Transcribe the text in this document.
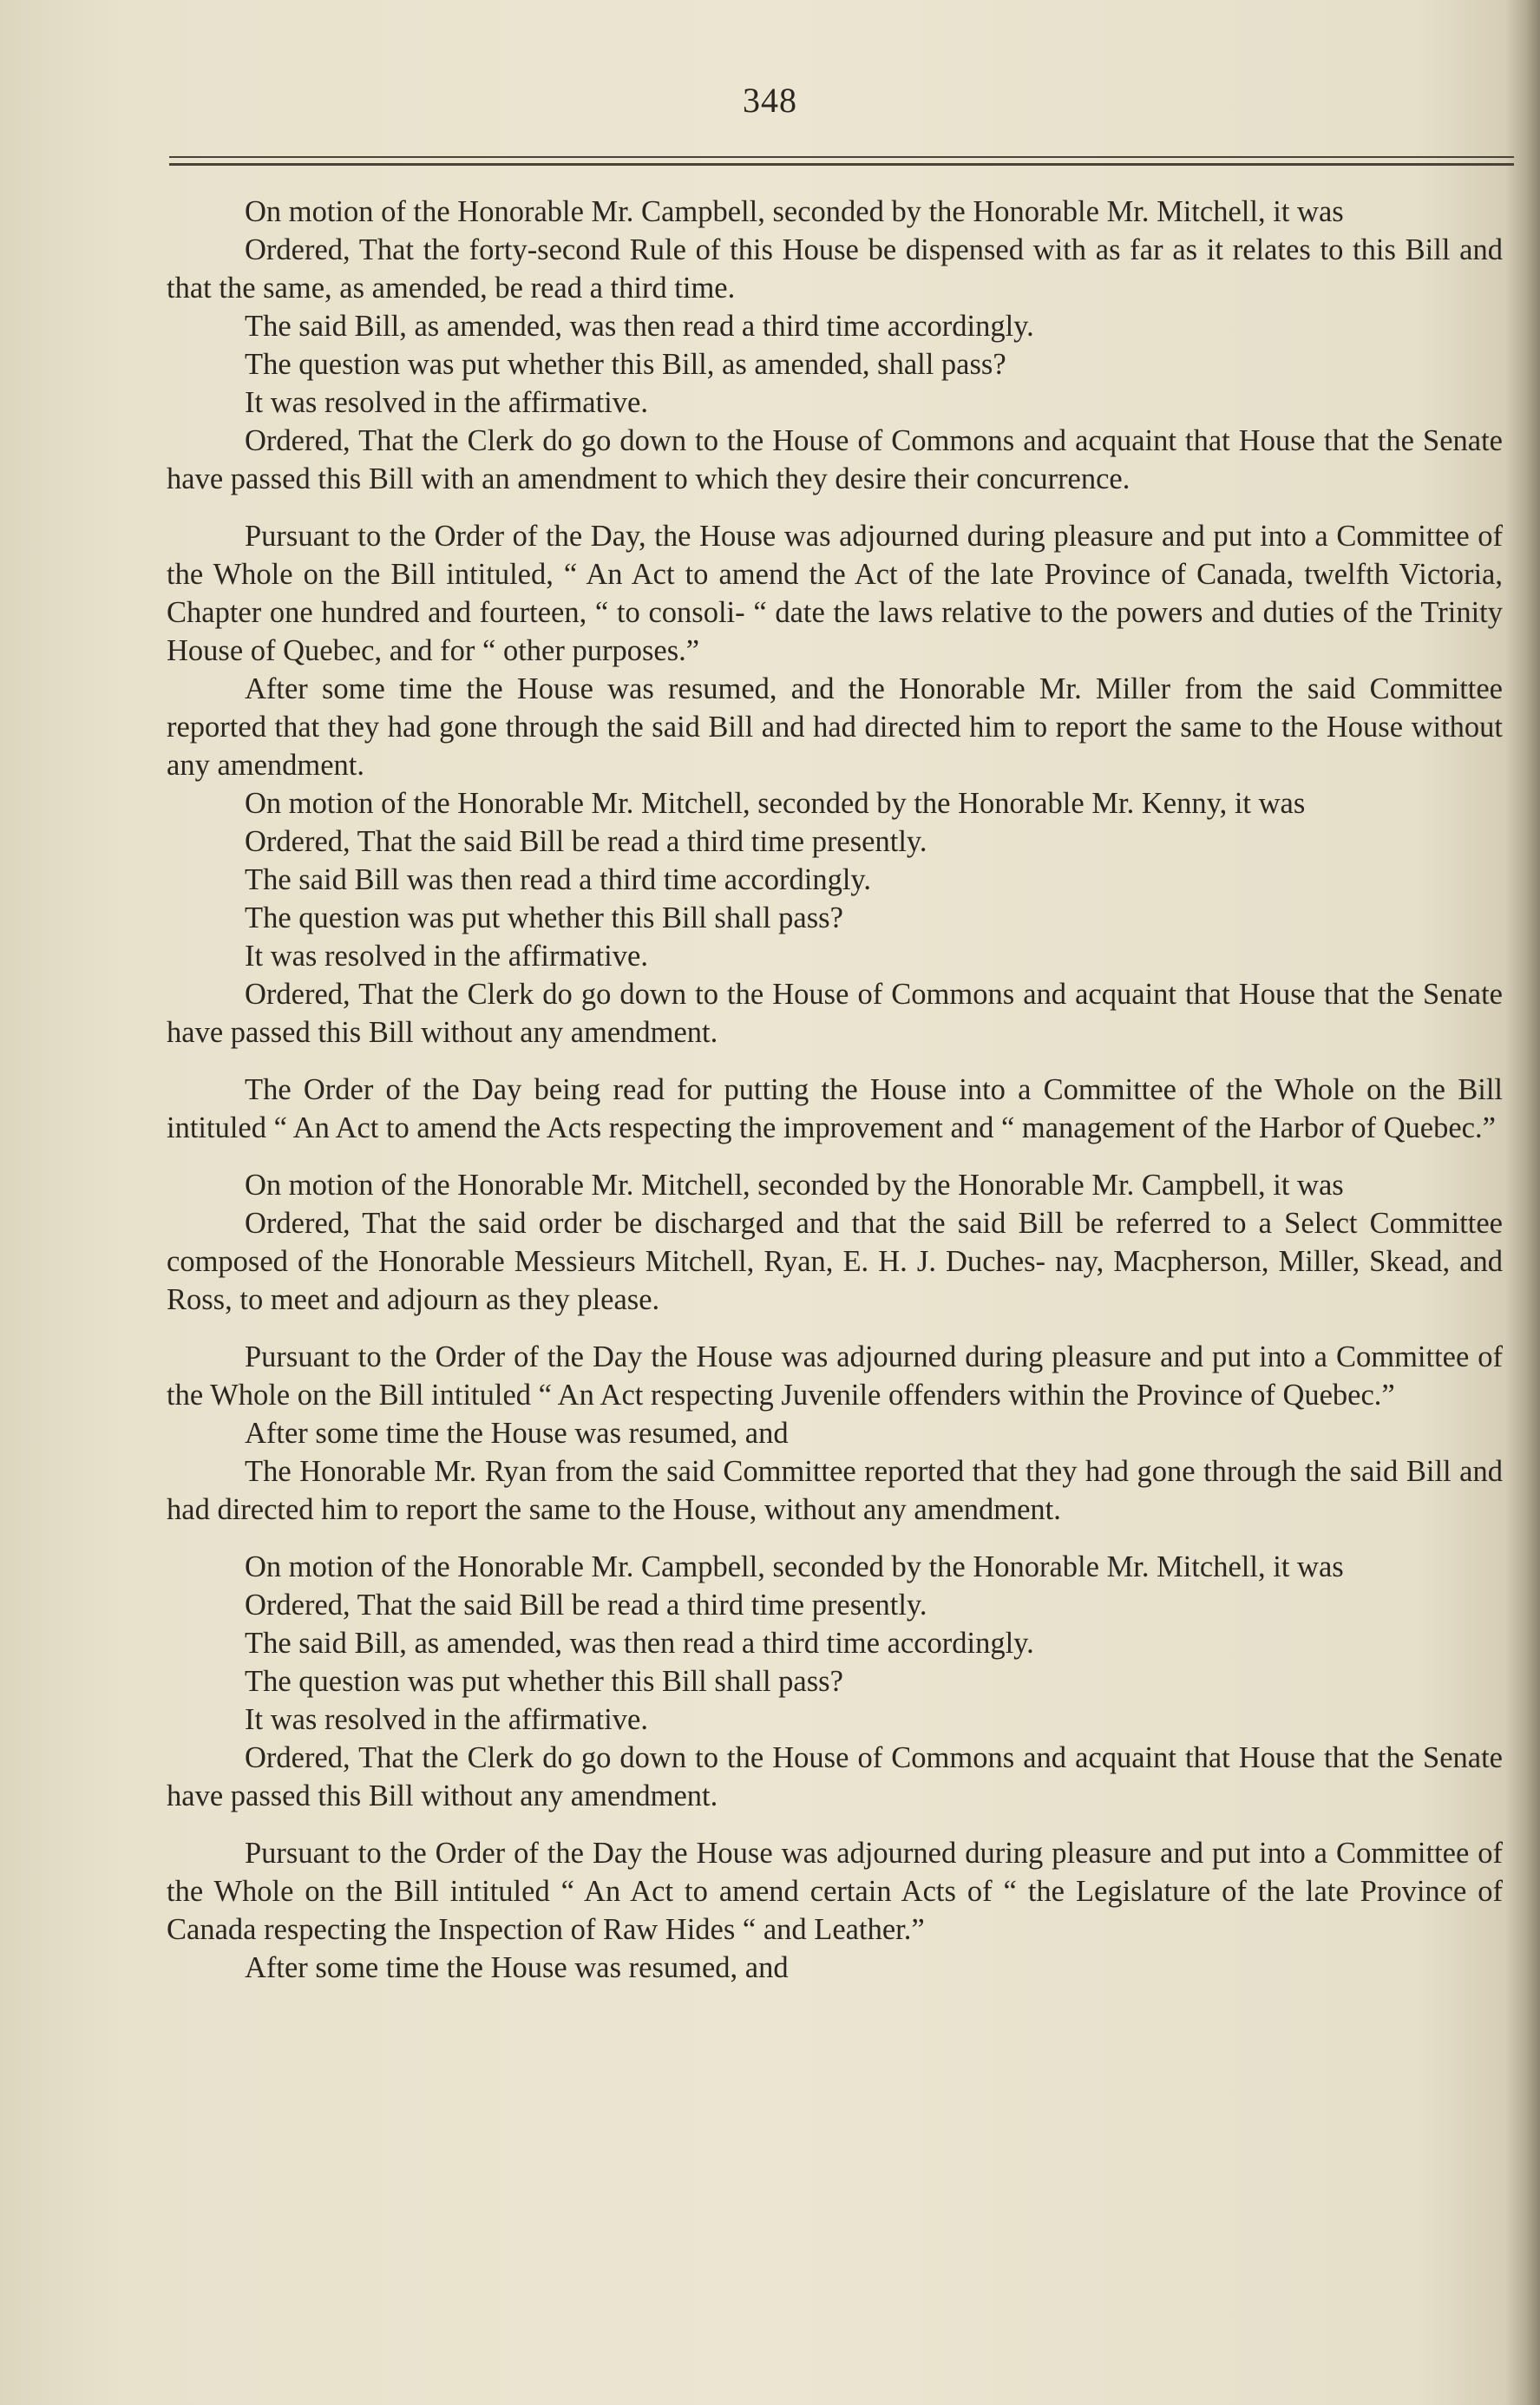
348

On motion of the Honorable Mr. Campbell, seconded by the Honorable Mr. Mitchell, it was

Ordered, That the forty-second Rule of this House be dispensed with as far as it relates to this Bill and that the same, as amended, be read a third time.

The said Bill, as amended, was then read a third time accordingly.

The question was put whether this Bill, as amended, shall pass?

It was resolved in the affirmative.

Ordered, That the Clerk do go down to the House of Commons and acquaint that House that the Senate have passed this Bill with an amendment to which they desire their concurrence.

Pursuant to the Order of the Day, the House was adjourned during pleasure and put into a Committee of the Whole on the Bill intituled, “ An Act to amend the Act of the late Province of Canada, twelfth Victoria, Chapter one hundred and fourteen, “ to consoli- “ date the laws relative to the powers and duties of the Trinity House of Quebec, and for “ other purposes.”

After some time the House was resumed, and the Honorable Mr. Miller from the said Committee reported that they had gone through the said Bill and had directed him to report the same to the House without any amendment.

On motion of the Honorable Mr. Mitchell, seconded by the Honorable Mr. Kenny, it was

Ordered, That the said Bill be read a third time presently.

The said Bill was then read a third time accordingly.

The question was put whether this Bill shall pass?

It was resolved in the affirmative.

Ordered, That the Clerk do go down to the House of Commons and acquaint that House that the Senate have passed this Bill without any amendment.

The Order of the Day being read for putting the House into a Committee of the Whole on the Bill intituled “ An Act to amend the Acts respecting the improvement and “ management of the Harbor of Quebec.”

On motion of the Honorable Mr. Mitchell, seconded by the Honorable Mr. Campbell, it was

Ordered, That the said order be discharged and that the said Bill be referred to a Select Committee composed of the Honorable Messieurs Mitchell, Ryan, E. H. J. Duches- nay, Macpherson, Miller, Skead, and Ross, to meet and adjourn as they please.

Pursuant to the Order of the Day the House was adjourned during pleasure and put into a Committee of the Whole on the Bill intituled “ An Act respecting Juvenile offenders within the Province of Quebec.”

After some time the House was resumed, and

The Honorable Mr. Ryan from the said Committee reported that they had gone through the said Bill and had directed him to report the same to the House, without any amendment.

On motion of the Honorable Mr. Campbell, seconded by the Honorable Mr. Mitchell, it was

Ordered, That the said Bill be read a third time presently.

The said Bill, as amended, was then read a third time accordingly.

The question was put whether this Bill shall pass?

It was resolved in the affirmative.

Ordered, That the Clerk do go down to the House of Commons and acquaint that House that the Senate have passed this Bill without any amendment.

Pursuant to the Order of the Day the House was adjourned during pleasure and put into a Committee of the Whole on the Bill intituled “ An Act to amend certain Acts of “ the Legislature of the late Province of Canada respecting the Inspection of Raw Hides “ and Leather.”

After some time the House was resumed, and
